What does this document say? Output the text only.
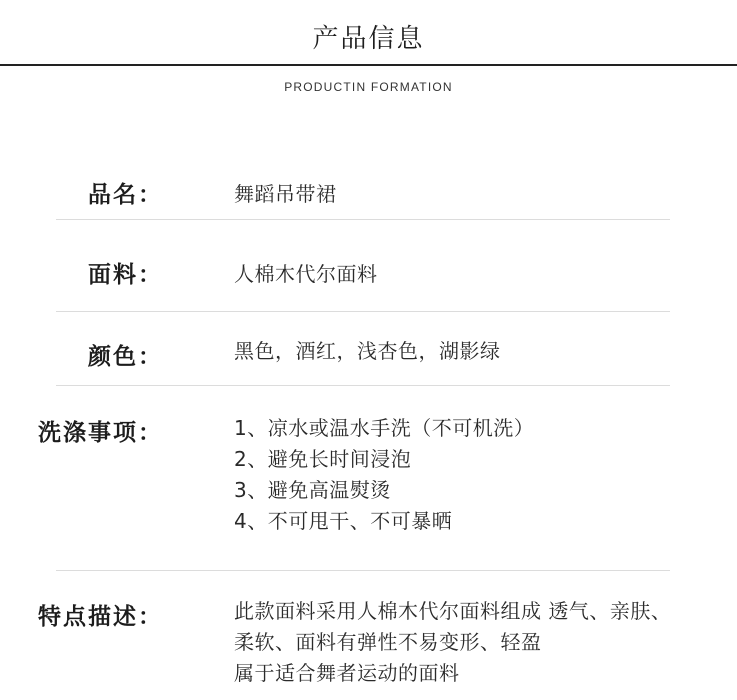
产品信息
PRODUCTIN FORMATION
品名：	舞蹈吊带裙
面料：	人棉木代尔面料
颜色：	黑色，酒红，浅杏色，湖影绿
洗涤事项：	1、凉水或温水手洗（不可机洗）
2、避免长时间浸泡
3、避免高温熨烫
4、不可甩干、不可暴晒
特点描述：	此款面料采用人棉木代尔面料组成 透气、亲肤、
柔软、面料有弹性不易变形、轻盈
属于适合舞者运动的面料
